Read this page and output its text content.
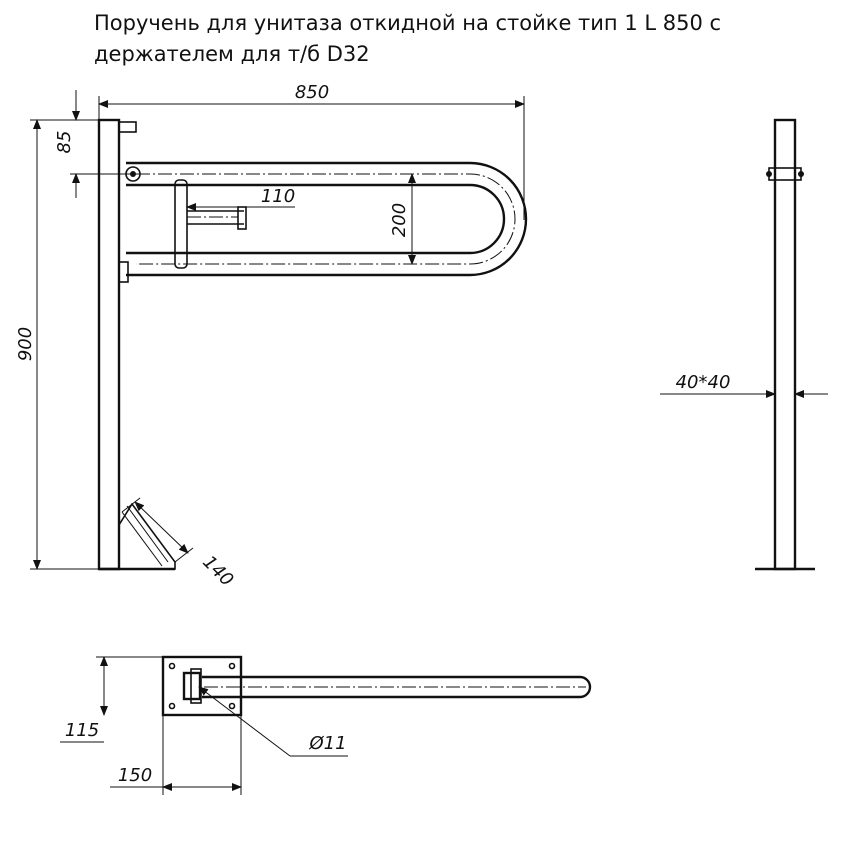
Поручень для унитаза откидной на стойке тип 1 L 850 с
держателем для т/б D32
850
900
85
200
110
140
40*40
Ø11
115
150
